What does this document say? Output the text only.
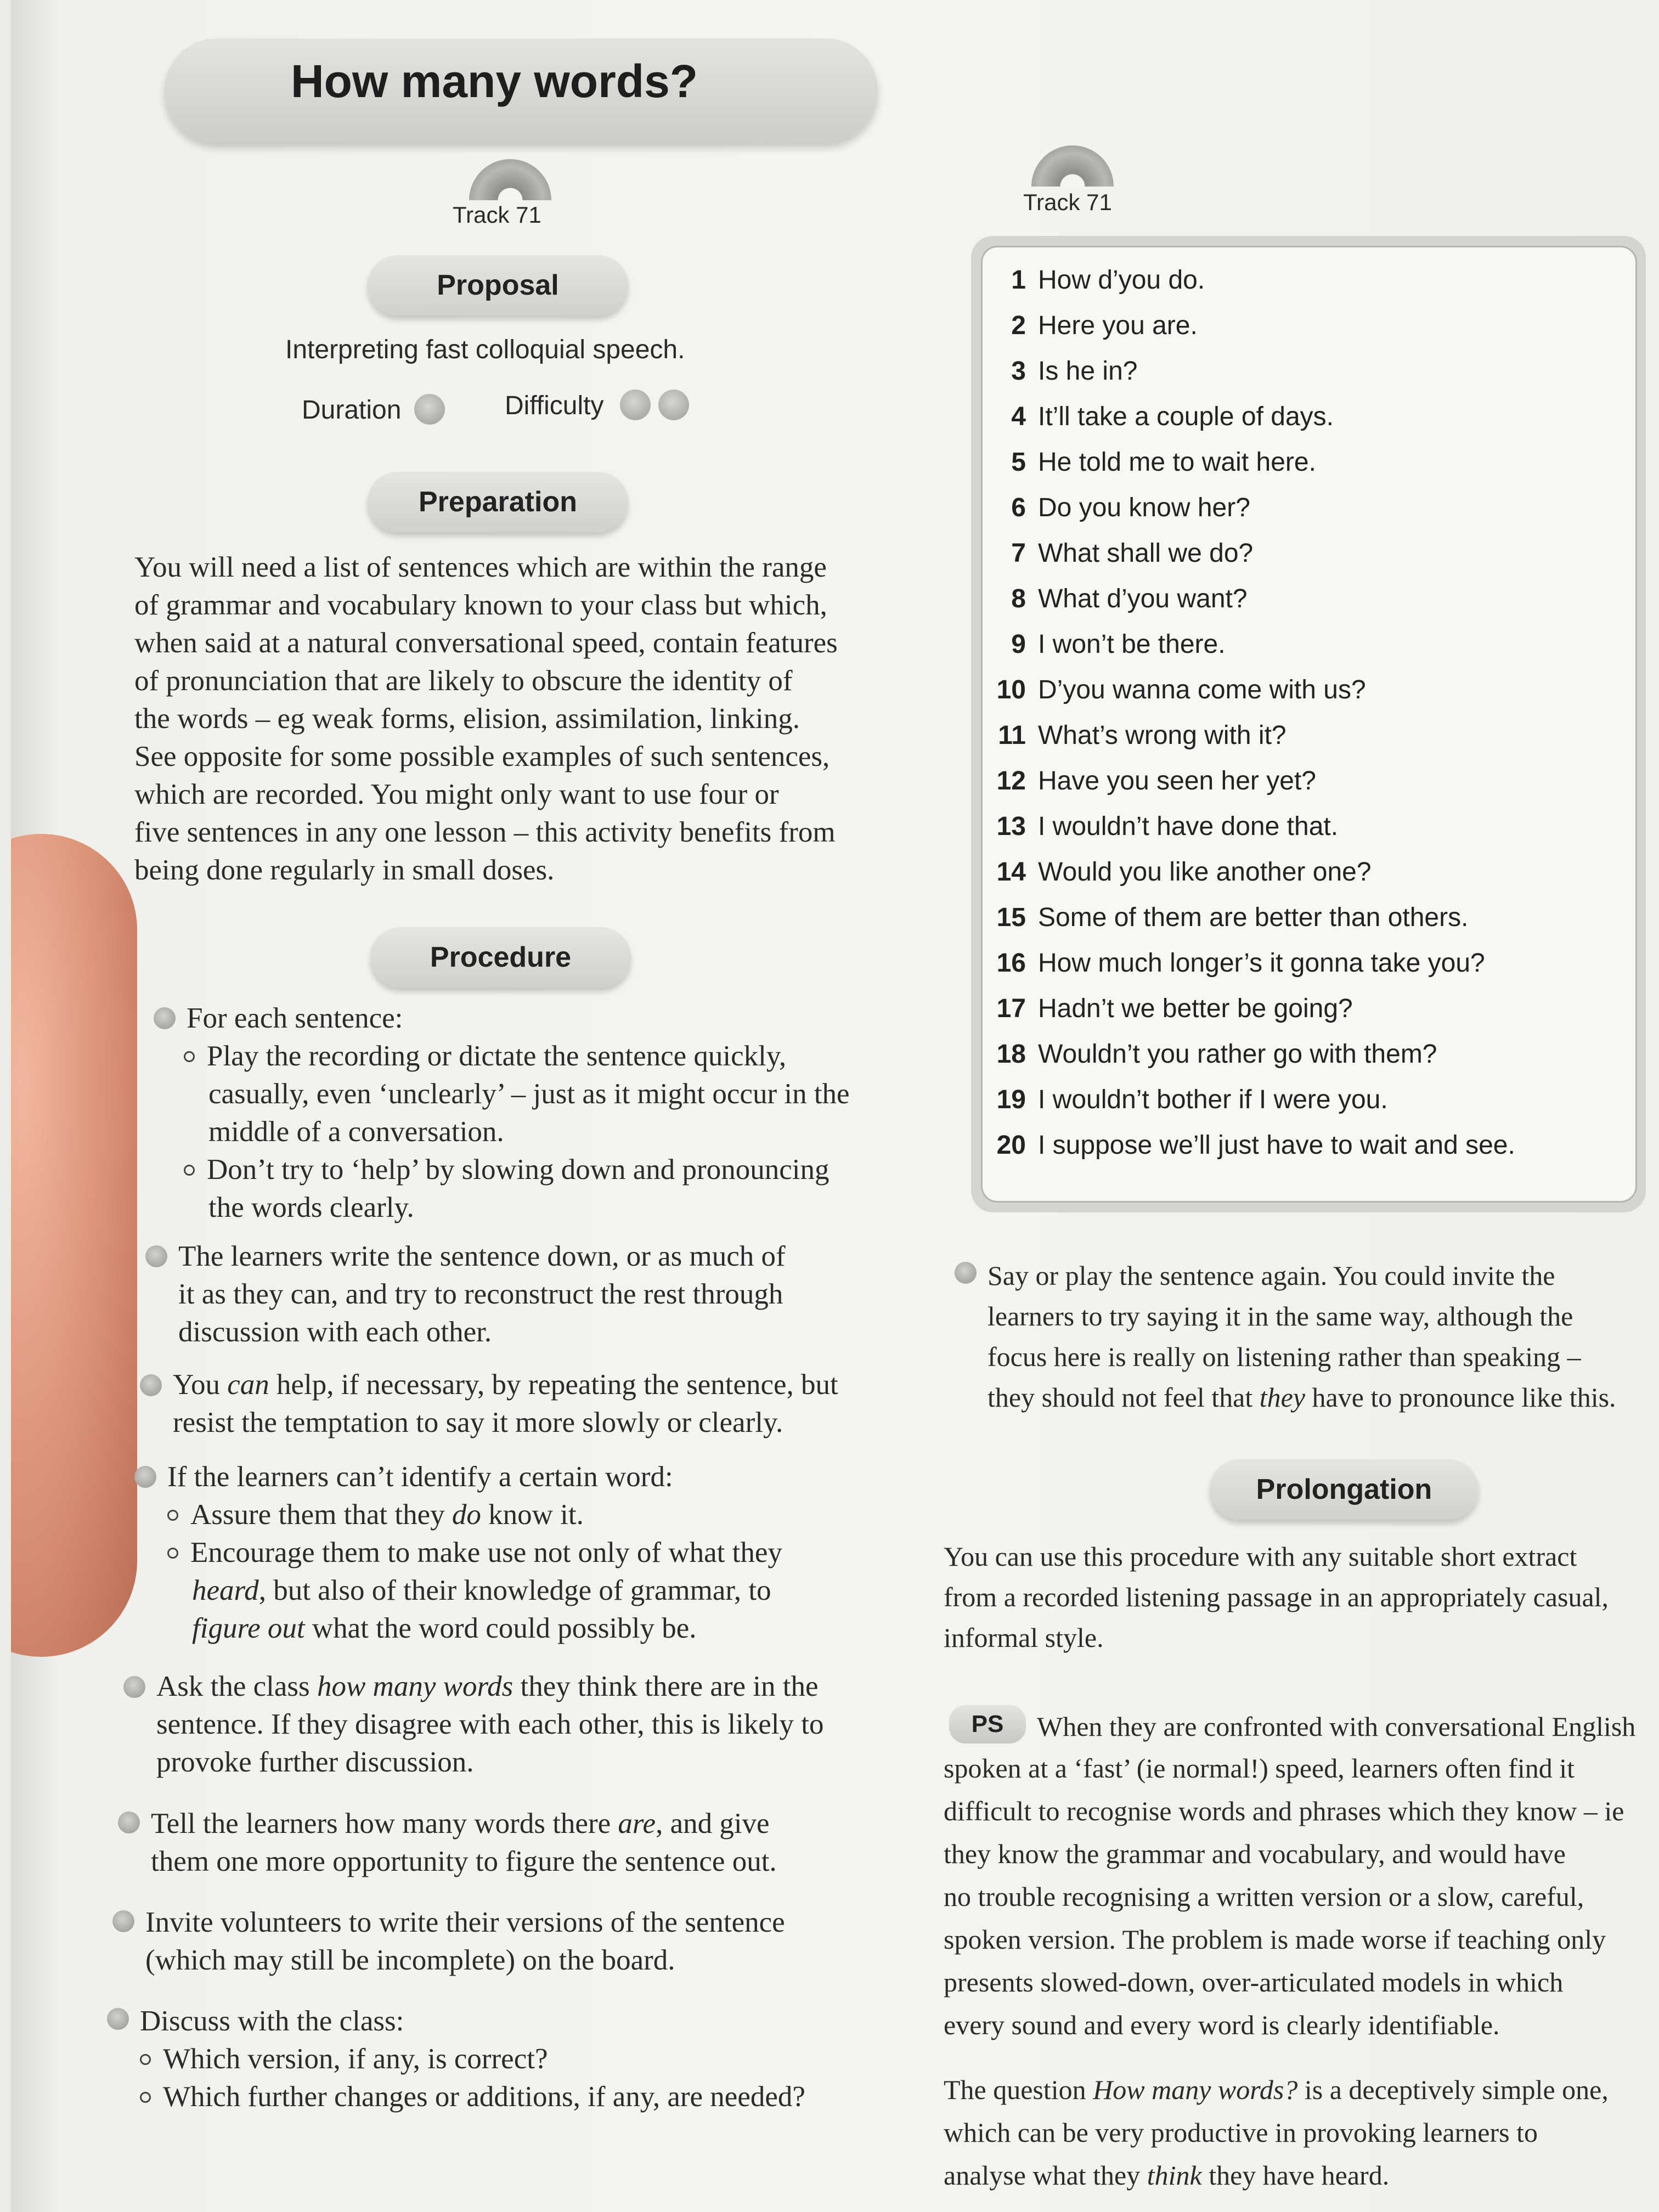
How many words?
Track 71
Proposal
Interpreting fast colloquial speech.
Duration	Difficulty
Preparation
You will need a list of sentences which are within the range
of grammar and vocabulary known to your class but which,
when said at a natural conversational speed, contain features
of pronunciation that are likely to obscure the identity of
the words – eg weak forms, elision, assimilation, linking.
See opposite for some possible examples of such sentences,
which are recorded. You might only want to use four or
five sentences in any one lesson – this activity benefits from
being done regularly in small doses.
Procedure
For each sentence:
Play the recording or dictate the sentence quickly,
casually, even ‘unclearly’ – just as it might occur in the
middle of a conversation.
Don’t try to ‘help’ by slowing down and pronouncing
the words clearly.
The learners write the sentence down, or as much of
it as they can, and try to reconstruct the rest through
discussion with each other.
You can help, if necessary, by repeating the sentence, but
resist the temptation to say it more slowly or clearly.
If the learners can’t identify a certain word:
Assure them that they do know it.
Encourage them to make use not only of what they
heard, but also of their knowledge of grammar, to
figure out what the word could possibly be.
Ask the class how many words they think there are in the
sentence. If they disagree with each other, this is likely to
provoke further discussion.
Tell the learners how many words there are, and give
them one more opportunity to figure the sentence out.
Invite volunteers to write their versions of the sentence
(which may still be incomplete) on the board.
Discuss with the class:
Which version, if any, is correct?
Which further changes or additions, if any, are needed?
Track 71
1 How d’you do.
2 Here you are.
3 Is he in?
4 It’ll take a couple of days.
5 He told me to wait here.
6 Do you know her?
7 What shall we do?
8 What d’you want?
9 I won’t be there.
10 D’you wanna come with us?
11 What’s wrong with it?
12 Have you seen her yet?
13 I wouldn’t have done that.
14 Would you like another one?
15 Some of them are better than others.
16 How much longer’s it gonna take you?
17 Hadn’t we better be going?
18 Wouldn’t you rather go with them?
19 I wouldn’t bother if I were you.
20 I suppose we’ll just have to wait and see.
Say or play the sentence again. You could invite the
learners to try saying it in the same way, although the
focus here is really on listening rather than speaking –
they should not feel that they have to pronounce like this.
Prolongation
You can use this procedure with any suitable short extract
from a recorded listening passage in an appropriately casual,
informal style.
PS	When they are confronted with conversational English
spoken at a ‘fast’ (ie normal!) speed, learners often find it
difficult to recognise words and phrases which they know – ie
they know the grammar and vocabulary, and would have
no trouble recognising a written version or a slow, careful,
spoken version. The problem is made worse if teaching only
presents slowed-down, over-articulated models in which
every sound and every word is clearly identifiable.
The question How many words? is a deceptively simple one,
which can be very productive in provoking learners to
analyse what they think they have heard.
